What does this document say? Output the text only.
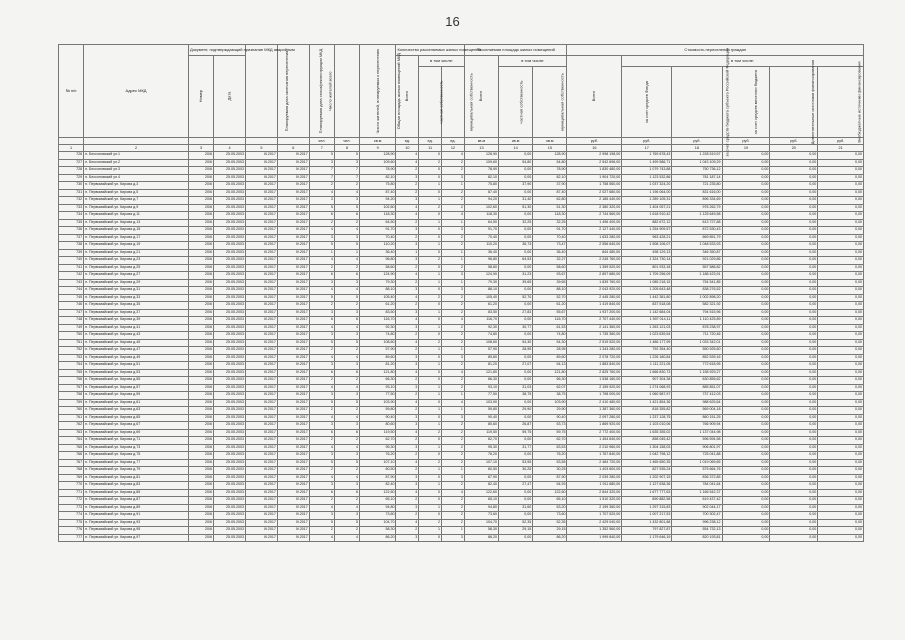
16
№ п/п	Адрес МКД	Документ, подтверждающий признание МКД аварийным		Планируемая дата окончания переселения	Планируемая дата сноса/реконструкции МКД	Число жителей всего	Число жителей, планируемых к переселению	Общая площадь жилых помещений МКД	Количество расселяемых жилых помещений			Расселяемая площадь жилых помещений			Стоимость переселения граждан					
		Номер	Дата						Всего	в том числе:		Всего	в том числе:		Всего	в том числе:				
										частная собственность	муниципальная собственность		частная собственность	муниципальная собственность		за счет средств Фонда	за счет средств бюджета субъекта Российской Федерации	за счет средств местного бюджета	Дополнительные источники финансирования	Внебюджетные источники финансирования
						чел.	чел.	кв.м	ед.	ед.	ед.	кв.м	кв.м	кв.м	руб.	руб.	руб.	руб.	руб.	руб.
1	2	3	4	5	6	7	8	9	10	11	12	13	14	15	16	17	18	19	20	21
726	п. Бессоновский ул.1	20/6	25.05.2003	III.2017	IV.2017	5	5	128,90	4	0	4	128,90	0,00	128,90	2 998 198,00	1 769 678,43	1 228 519,57	0,00	0,00	0,00
727	п. Бессоновский ул.2	20/6	25.05.2003	III.2017	IV.2017	3	3	109,60	4	2	2	109,60	54,80	54,80	2 542 696,00	1 499 586,71	1 043 109,29	0,00	0,00	0,00
728	п. Бессоновский ул.3	20/6	25.05.2003	III.2017	IV.2017	7	7	78,90	2	0	2	78,90	0,00	78,90	1 830 480,00	1 079 743,88	750 736,12	0,00	0,00	0,00
729	п. Бессоновский ул.4	20/6	25.05.2003	III.2017	IV.2017	7	7	82,10	3	0	3	82,10	0,00	82,10	1 904 720,00	1 123 532,86	781 187,14	0,00	0,00	0,00
730	п. Первомайский ул. Кирова д.3	20/6	25.05.2003	III.2017	IV.2017	2	2	75,80	2	1	1	75,80	37,90	37,90	1 758 560,00	1 037 324,20	721 235,80	0,00	0,00	0,00
731	п. Первомайский ул. Кирова д.5	20/6	25.05.2003	III.2017	IV.2017	4	4	87,40	2	0	2	87,40	0,00	87,40	2 027 680,00	1 196 064,00	831 616,00	0,00	0,00	0,00
732	п. Первомайский ул. Кирова д.7	20/6	25.05.2003	III.2017	IV.2017	3	3	94,20	3	1	2	94,20	31,40	62,80	2 185 440,00	1 289 105,31	896 334,69	0,00	0,00	0,00
733	п. Первомайский ул. Кирова д.9	20/6	25.05.2003	III.2017	IV.2017	5	5	102,60	4	2	2	102,60	51,30	51,30	2 380 320,00	1 404 057,21	976 262,79	0,00	0,00	0,00
734	п. Первомайский ул. Кирова д.11	20/6	25.05.2003	III.2017	IV.2017	6	6	118,30	4	0	4	118,30	0,00	118,30	2 744 560,00	1 618 910,42	1 125 649,58	0,00	0,00	0,00
735	п. Первомайский ул. Кирова д.13	20/6	25.05.2003	III.2017	IV.2017	2	2	64,50	2	1	1	64,50	32,25	32,25	1 496 400,00	882 672,12	613 727,88	0,00	0,00	0,00
736	п. Первомайский ул. Кирова д.15	20/6	25.05.2003	III.2017	IV.2017	4	4	91,70	3	0	3	91,70	0,00	91,70	2 127 440,00	1 254 909,57	872 530,43	0,00	0,00	0,00
737	п. Первомайский ул. Кирова д.17	20/6	25.05.2003	III.2017	IV.2017	3	3	70,40	2	0	2	70,40	0,00	70,40	1 633 280,00	963 428,21	669 851,79	0,00	0,00	0,00
738	п. Первомайский ул. Кирова д.19	20/6	25.05.2003	III.2017	IV.2017	5	5	110,20	3	1	2	110,20	36,73	73,47	2 556 640,00	1 508 106,07	1 048 533,93	0,00	0,00	0,00
739	п. Первомайский ул. Кирова д.21	20/6	25.05.2003	III.2017	IV.2017	1	1	36,40	1	0	1	36,40	0,00	36,40	844 480,00	498 129,13	346 350,87	0,00	0,00	0,00
740	п. Первомайский ул. Кирова д.23	20/6	25.05.2003	III.2017	IV.2017	4	4	96,80	3	2	1	96,80	64,53	32,27	2 245 760,00	1 324 730,14	921 029,86	0,00	0,00	0,00
741	п. Первомайский ул. Кирова д.25	20/6	25.05.2003	III.2017	IV.2017	2	2	58,60	2	0	2	58,60	0,00	58,60	1 359 520,00	801 933,18	557 586,82	0,00	0,00	0,00
742	п. Первомайский ул. Кирова д.27	20/6	25.05.2003	III.2017	IV.2017	6	6	124,90	4	1	3	124,90	31,23	93,67	2 897 680,00	1 709 256,09	1 188 423,91	0,00	0,00	0,00
743	п. Первомайский ул. Кирова д.29	20/6	25.05.2003	III.2017	IV.2017	3	3	79,30	2	1	1	79,30	39,65	39,65	1 839 760,00	1 085 218,15	754 541,85	0,00	0,00	0,00
744	п. Первомайский ул. Кирова д.31	20/6	25.05.2003	III.2017	IV.2017	4	4	88,10	3	0	3	88,10	0,00	88,10	2 043 920,00	1 205 643,48	838 276,52	0,00	0,00	0,00
745	п. Первомайский ул. Кирова д.33	20/6	25.05.2003	III.2017	IV.2017	5	5	105,40	4	2	2	105,40	52,70	52,70	2 445 280,00	1 442 381,80	1 002 898,20	0,00	0,00	0,00
746	п. Первомайский ул. Кирова д.35	20/6	25.05.2003	III.2017	IV.2017	2	2	61,20	2	0	2	61,20	0,00	61,20	1 419 840,00	837 518,08	582 321,92	0,00	0,00	0,00
747	п. Первомайский ул. Кирова д.37	20/6	25.05.2003	III.2017	IV.2017	3	3	83,50	3	1	2	83,50	27,83	55,67	1 937 200,00	1 142 684,04	794 515,96	0,00	0,00	0,00
748	п. Первомайский ул. Кирова д.39	20/6	25.05.2003	III.2017	IV.2017	6	6	116,70	4	0	4	116,70	0,00	116,70	2 707 440,00	1 597 014,11	1 110 425,89	0,00	0,00	0,00
749	п. Первомайский ул. Кирова д.41	20/6	25.05.2003	III.2017	IV.2017	4	4	92,30	3	1	2	92,30	30,77	61,53	2 141 360,00	1 263 121,03	878 238,97	0,00	0,00	0,00
750	п. Первомайский ул. Кирова д.43	20/6	25.05.2003	III.2017	IV.2017	3	3	74,80	2	0	2	74,80	0,00	74,80	1 735 360,00	1 023 639,54	711 720,46	0,00	0,00	0,00
751	п. Первомайский ул. Кирова д.45	20/6	25.05.2003	III.2017	IV.2017	5	5	108,60	4	2	2	108,60	54,30	54,30	2 519 520,00	1 486 177,99	1 033 342,01	0,00	0,00	0,00
752	п. Первомайский ул. Кирова д.47	20/6	25.05.2003	III.2017	IV.2017	2	2	57,90	2	1	1	57,90	28,95	28,95	1 343 280,00	792 354,40	550 925,60	0,00	0,00	0,00
753	п. Первомайский ул. Кирова д.49	20/6	25.05.2003	III.2017	IV.2017	4	4	89,60	3	0	3	89,60	0,00	89,60	2 078 720,00	1 226 180,84	852 539,16	0,00	0,00	0,00
754	п. Первомайский ул. Кирова д.51	20/6	25.05.2003	III.2017	IV.2017	3	3	81,20	3	1	2	81,20	27,07	54,13	1 883 840,00	1 111 221,05	772 618,95	0,00	0,00	0,00
755	п. Первомайский ул. Кирова д.53	20/6	25.05.2003	III.2017	IV.2017	6	6	121,80	4	0	4	121,80	0,00	121,80	2 825 760,00	1 666 830,73	1 158 929,27	0,00	0,00	0,00
756	п. Первомайский ул. Кирова д.55	20/6	25.05.2003	III.2017	IV.2017	2	2	66,30	2	0	2	66,30	0,00	66,30	1 538 160,00	907 304,38	630 855,62	0,00	0,00	0,00
757	п. Первомайский ул. Кирова д.57	20/6	25.05.2003	III.2017	IV.2017	4	4	93,10	3	1	2	93,10	31,03	62,07	2 159 920,00	1 274 068,93	885 851,07	0,00	0,00	0,00
758	п. Первомайский ул. Кирова д.59	20/6	25.05.2003	III.2017	IV.2017	3	3	77,50	2	1	1	77,50	38,75	38,75	1 798 000,00	1 060 587,97	737 412,03	0,00	0,00	0,00
759	п. Первомайский ул. Кирова д.61	20/6	25.05.2003	III.2017	IV.2017	5	5	103,90	4	0	4	103,90	0,00	103,90	2 410 480,00	1 421 854,36	988 625,64	0,00	0,00	0,00
760	п. Первомайский ул. Кирова д.63	20/6	25.05.2003	III.2017	IV.2017	2	2	59,80	2	1	1	59,80	29,90	29,90	1 387 360,00	818 355,82	569 004,18	0,00	0,00	0,00
761	п. Первомайский ул. Кирова д.65	20/6	25.05.2003	III.2017	IV.2017	4	4	90,40	3	0	3	90,40	0,00	90,40	2 097 280,00	1 237 128,75	860 151,25	0,00	0,00	0,00
762	п. Первомайский ул. Кирова д.67	20/6	25.05.2003	III.2017	IV.2017	3	3	80,60	3	1	2	80,60	26,87	53,73	1 869 920,00	1 103 010,06	766 909,94	0,00	0,00	0,00
763	п. Первомайский ул. Кирова д.69	20/6	25.05.2003	III.2017	IV.2017	6	6	119,50	4	2	2	119,50	59,75	59,75	2 772 400,00	1 635 355,02	1 137 044,98	0,00	0,00	0,00
764	п. Первомайский ул. Кирова д.71	20/6	25.05.2003	III.2017	IV.2017	2	2	62,70	2	0	2	62,70	0,00	62,70	1 454 640,00	858 045,42	596 594,58	0,00	0,00	0,00
765	п. Первомайский ул. Кирова д.73	20/6	25.05.2003	III.2017	IV.2017	4	4	95,30	3	1	2	95,30	31,77	63,53	2 210 960,00	1 304 158,03	906 801,97	0,00	0,00	0,00
766	п. Первомайский ул. Кирова д.75	20/6	25.05.2003	III.2017	IV.2017	3	3	76,20	2	0	2	76,20	0,00	76,20	1 767 840,00	1 042 798,12	725 041,88	0,00	0,00	0,00
767	п. Первомайский ул. Кирова д.77	20/6	25.05.2003	III.2017	IV.2017	5	5	107,10	4	2	2	107,10	53,55	53,55	2 484 720,00	1 465 650,35	1 019 069,65	0,00	0,00	0,00
768	п. Первомайский ул. Кирова д.79	20/6	25.05.2003	III.2017	IV.2017	2	2	60,50	2	1	1	60,50	30,25	30,25	1 403 600,00	827 935,24	575 664,76	0,00	0,00	0,00
769	п. Первомайский ул. Кирова д.81	20/6	25.05.2003	III.2017	IV.2017	4	4	87,90	3	0	3	87,90	0,00	87,90	2 039 280,00	1 202 907,15	836 372,85	0,00	0,00	0,00
770	п. Первомайский ул. Кирова д.83	20/6	25.05.2003	III.2017	IV.2017	3	3	82,40	3	1	2	82,40	27,47	54,93	1 911 680,00	1 127 638,36	784 041,64	0,00	0,00	0,00
771	п. Первомайский ул. Кирова д.85	20/6	25.05.2003	III.2017	IV.2017	6	6	122,60	4	0	4	122,60	0,00	122,60	2 844 320,00	1 677 777,63	1 166 542,37	0,00	0,00	0,00
772	п. Первомайский ул. Кирова д.87	20/6	25.05.2003	III.2017	IV.2017	2	2	65,10	2	0	2	65,10	0,00	65,10	1 510 320,00	890 882,58	619 437,42	0,00	0,00	0,00
773	п. Первомайский ул. Кирова д.89	20/6	25.05.2003	III.2017	IV.2017	4	4	94,80	3	1	2	94,80	31,60	63,20	2 199 360,00	1 297 315,83	902 044,17	0,00	0,00	0,00
774	п. Первомайский ул. Кирова д.91	20/6	25.05.2003	III.2017	IV.2017	3	3	73,60	2	0	2	73,60	0,00	73,60	1 707 520,00	1 007 217,53	700 302,47	0,00	0,00	0,00
775	п. Первомайский ул. Кирова д.93	20/6	25.05.2003	III.2017	IV.2017	5	5	104,70	4	2	2	104,70	52,35	52,35	2 429 040,00	1 432 801,88	996 238,12	0,00	0,00	0,00
776	п. Первомайский ул. Кирова д.95	20/6	25.05.2003	III.2017	IV.2017	2	2	58,30	2	1	1	58,30	29,15	29,15	1 352 560,00	797 827,87	554 732,13	0,00	0,00	0,00
777	п. Первомайский ул. Кирова д.97	20/6	25.05.2003	III.2017	IV.2017	4	4	86,20	3	0	3	86,20	0,00	86,20	1 999 840,00	1 179 646,19	820 193,81	0,00	0,00	0,00
